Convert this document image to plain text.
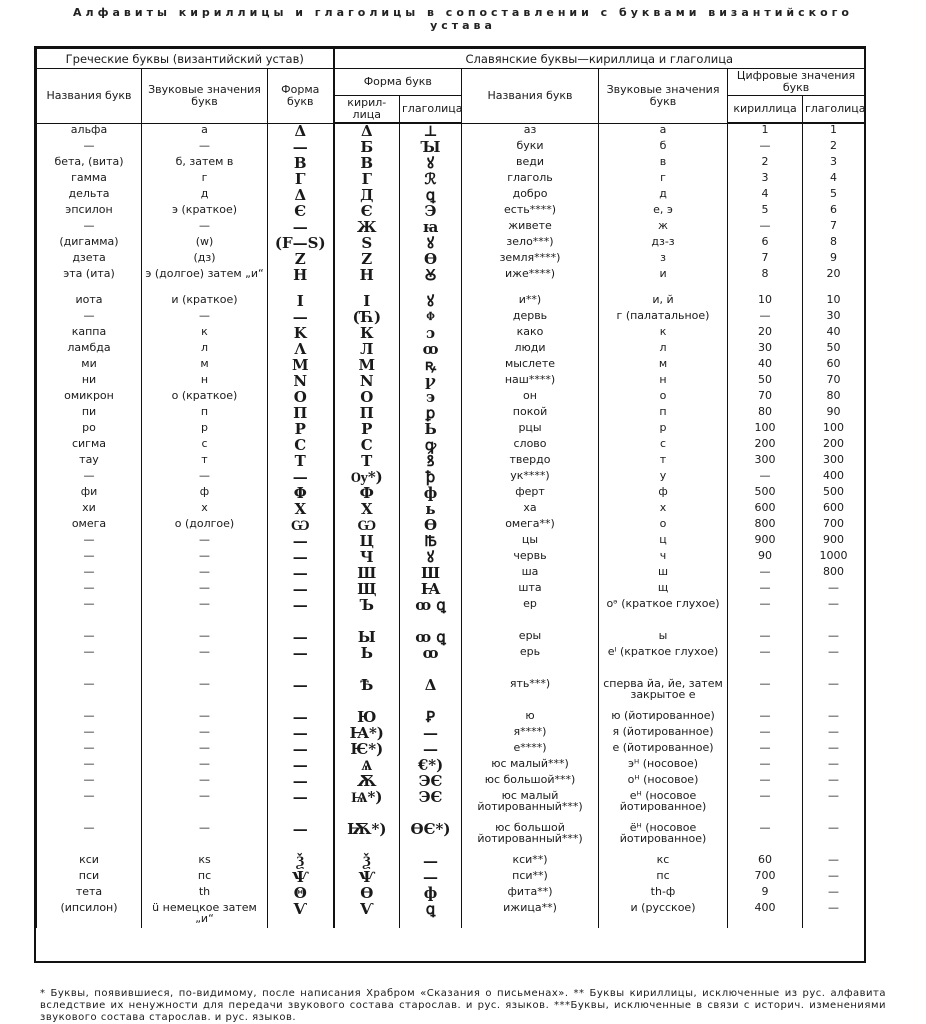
Алфавиты кириллицы и глаголицы в сопоставлении с буквами византийского устава
Греческие буквы (византийский устав)			Славянские буквы—кириллица и глаголица					
Названия букв	Звуковые значения букв	Форма букв	Форма букв		Названия букв	Звуковые значения букв	Цифровые значения букв	
			кирил-лица	глаголица			кириллица	глаголица
альфа	а	Δ	Δ	⊥	аз	а	1	1
—	—	—	Б	Ꙑ	буки	б	—	2
бета, (вита)	б, затем в	Β	В	ꙋ	веди	в	2	3
гамма	г	Γ	Г	ℛ	глаголь	г	3	4
дельта	д	Δ	Д	ꝗ	добро	д	4	5
эпсилон	э (краткое)	Є	Є	Э	есть****)	е, э	5	6
—	—	—	Ж	ꙗ	живете	ж	—	7
(дигамма)	(w)	(F—S)	Ѕ	ꙋ	зело***)	дз-з	6	8
дзета	(дз)	Ζ	Ζ	Ө	земля****)	з	7	9
эта (ита)	э (долгое) затем „и“	Η	Н	Ꙋ	иже****)	и	8	20
иота	и (краткое)	Ι	І	ꙋ	и**)	и, й	10	10
—	—	—	(Ћ)	ⱇ	дервь	г (палатальное)	—	30
каппа	к	Κ	К	ɔ	како	к	20	40
ламбда	л	Λ	Л	ꝏ	люди	л	30	50
ми	м	Μ	М	ꝶ	мыслете	м	40	60
ни	н	Ν	N	ꝩ	наш****)	н	50	70
омикрон	о (краткое)	Ο	О	э	он	о	70	80
пи	п	Π	П	ꝑ	покой	п	80	90
ро	р	Ρ	Р	Ь	рцы	р	100	100
сигма	с	С	С	ꝙ	слово	с	200	200
тау	т	Τ	Т	ꝸ	твердо	т	300	300
—	—	—	Ѹ*)	ꝥ	ук****)	у	—	400
фи	ф	Φ	Ф	ф	ферт	ф	500	500
хи	х	Χ	Х	ь	ха	х	600	600
омега	о (долгое)	Ѡ	Ѡ	Ѳ	омега**)	о	800	700
—	—	—	Ц	Ꙓ	цы	ц	900	900
—	—	—	Ч	ꙋ	червь	ч	90	1000
—	—	—	Ш	Ш	ша	ш	—	800
—	—	—	Щ	Ꙗ	шта	щ	—	—
—	—	—	Ъ	ꝏ ꝗ	ер	оᵊ (краткое глухое)	—	—
—	—	—	Ы	ꝏ ꝗ	еры	ы	—	—
—	—	—	Ь	ꝏ	ерь	еᴵ (краткое глухое)	—	—
—	—	—	Ѣ	Δ	ять***)	сперва йа, йе, затем закрытое е	—	—
—	—	—	Ю	Ꝑ	ю	ю (йотированное)	—	—
—	—	—	Ꙗ*)	—	я****)	я (йотированное)	—	—
—	—	—	Ѥ*)	—	е****)	е (йотированное)	—	—
—	—	—	Ѧ	€*)	юс малый***)	эᴴ (носовое)	—	—
—	—	—	Ѫ	ЭЄ	юс большой***)	оᴴ (носовое)	—	—
—	—	—	Ѩ*)	ЭЄ	юс малый йотированный***)	еᴴ (носовое йотированное)	—	—
—	—	—	Ѭ*)	ӨЄ*)	юс большой йотированный***)	ёᴴ (носовое йотированное)	—	—
кси	кѕ	Ѯ	Ѯ	—	кси**)	кс	60	—
пси	пс	Ѱ	Ѱ	—	пси**)	пс	700	—
тета	th	Θ	Ѳ	ф	фита**)	th-ф	9	—
(ипсилон)	ü немецкое затем „и“	Ѵ	Ѵ	ꝗ	ижица**)	и (русское)	400	—
* Буквы, появившиеся, по-видимому, после написания Храбром «Сказания о письменах». ** Буквы кириллицы, исключенные из рус. алфавита вследствие их ненужности для передачи звукового состава старослав. и рус. языков. ***Буквы, исключенные в связи с историч. изменениями звукового состава старослав. и рус. языков.
